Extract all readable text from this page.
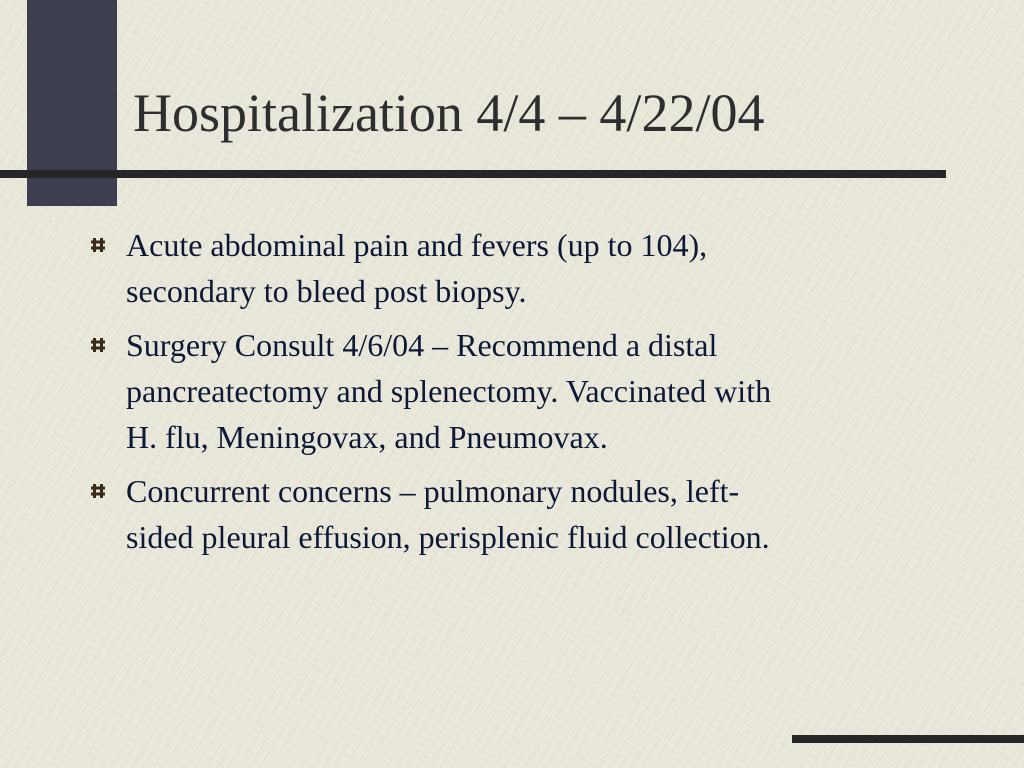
Hospitalization 4/4 – 4/22/04
Acute abdominal pain and fevers (up to 104),
secondary to bleed post biopsy.
Surgery Consult 4/6/04 – Recommend a distal
pancreatectomy and splenectomy. Vaccinated with
H. flu, Meningovax, and Pneumovax.
Concurrent concerns – pulmonary nodules, left-
sided pleural effusion, perisplenic fluid collection.
